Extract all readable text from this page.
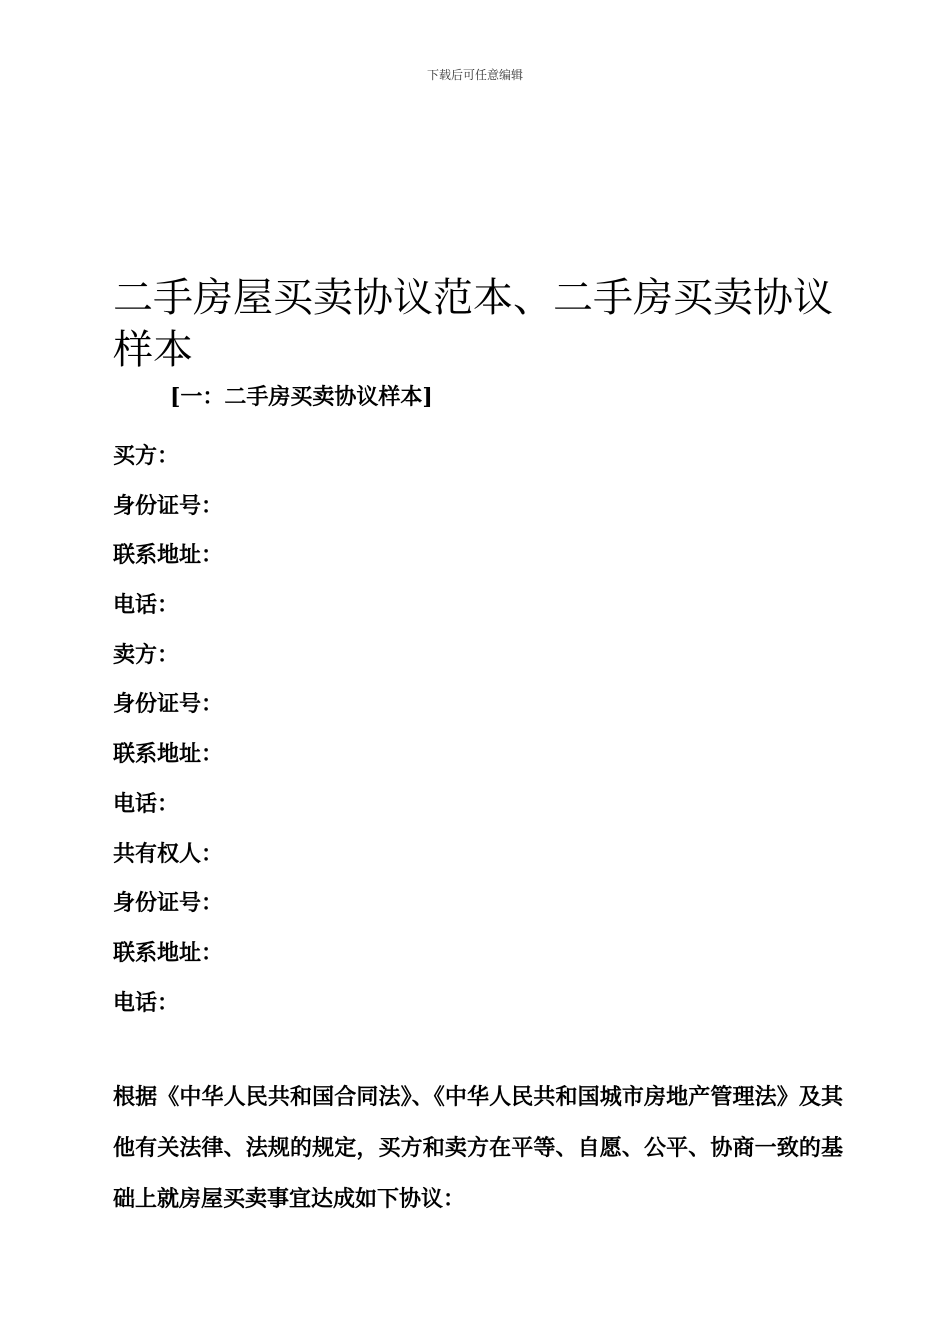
下载后可任意编辑
二手房屋买卖协议范本、二手房买卖协议样本
[一：二手房买卖协议样本]
买方：
身份证号：
联系地址：
电话：
卖方：
身份证号：
联系地址：
电话：
共有权人：
身份证号：
联系地址：
电话：

根据《中华人民共和国合同法》、《中华人民共和国城市房地产管理法》及其他有关法律、法规的规定，买方和卖方在平等、自愿、公平、协商一致的基础上就房屋买卖事宜达成如下协议：
